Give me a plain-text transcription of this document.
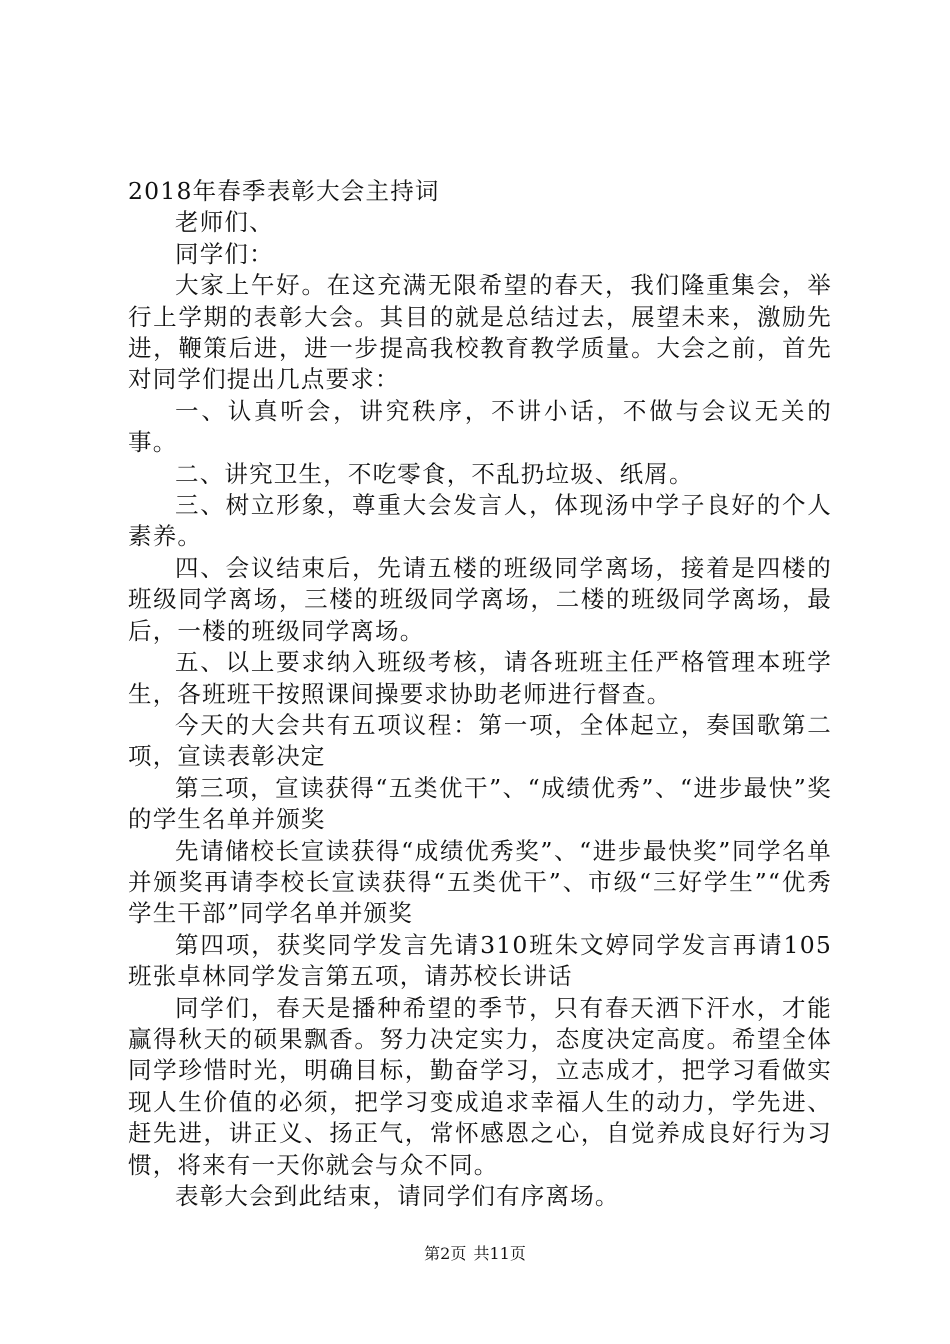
2018年春季表彰大会主持词

老师们、

同学们：

大家上午好。在这充满无限希望的春天，我们隆重集会，举行上学期的表彰大会。其目的就是总结过去，展望未来，激励先进，鞭策后进，进一步提高我校教育教学质量。大会之前，首先对同学们提出几点要求：

一、认真听会，讲究秩序，不讲小话，不做与会议无关的事。

二、讲究卫生，不吃零食，不乱扔垃圾、纸屑。

三、树立形象，尊重大会发言人，体现汤中学子良好的个人素养。

四、会议结束后，先请五楼的班级同学离场，接着是四楼的班级同学离场，三楼的班级同学离场，二楼的班级同学离场，最后，一楼的班级同学离场。

五、以上要求纳入班级考核，请各班班主任严格管理本班学生，各班班干按照课间操要求协助老师进行督查。

今天的大会共有五项议程：第一项，全体起立，奏国歌第二项，宣读表彰决定

第三项，宣读获得“五类优干”、“成绩优秀”、“进步最快”奖的学生名单并颁奖

先请储校长宣读获得“成绩优秀奖”、“进步最快奖”同学名单并颁奖再请李校长宣读获得“五类优干”、市级“三好学生”“优秀学生干部”同学名单并颁奖

第四项，获奖同学发言先请310班朱文婷同学发言再请105班张卓林同学发言第五项，请苏校长讲话

同学们，春天是播种希望的季节，只有春天洒下汗水，才能赢得秋天的硕果飘香。努力决定实力，态度决定高度。希望全体同学珍惜时光，明确目标，勤奋学习，立志成才，把学习看做实现人生价值的必须，把学习变成追求幸福人生的动力，学先进、赶先进，讲正义、扬正气，常怀感恩之心，自觉养成良好行为习惯，将来有一天你就会与众不同。

表彰大会到此结束，请同学们有序离场。

第2页 共11页
